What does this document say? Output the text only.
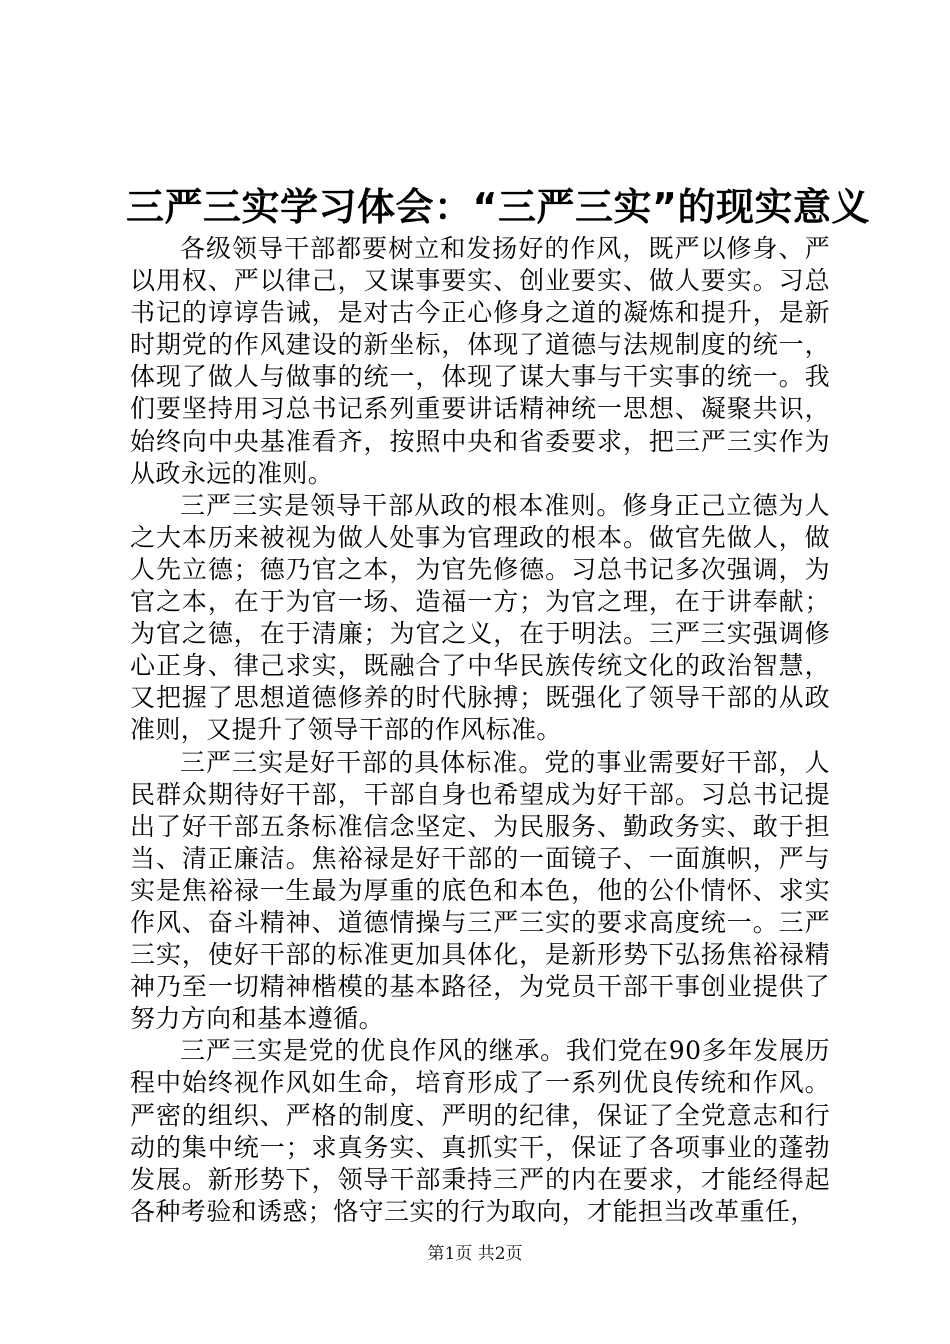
三严三实学习体会：“三严三实”的现实意义

各级领导干部都要树立和发扬好的作风，既严以修身、严以用权、严以律己，又谋事要实、创业要实、做人要实。习总书记的谆谆告诫，是对古今正心修身之道的凝炼和提升，是新时期党的作风建设的新坐标，体现了道德与法规制度的统一，体现了做人与做事的统一，体现了谋大事与干实事的统一。我们要坚持用习总书记系列重要讲话精神统一思想、凝聚共识，始终向中央基准看齐，按照中央和省委要求，把三严三实作为从政永远的准则。

三严三实是领导干部从政的根本准则。修身正己立德为人之大本历来被视为做人处事为官理政的根本。做官先做人，做人先立德；德乃官之本，为官先修德。习总书记多次强调，为官之本，在于为官一场、造福一方；为官之理，在于讲奉献；为官之德，在于清廉；为官之义，在于明法。三严三实强调修心正身、律己求实，既融合了中华民族传统文化的政治智慧，又把握了思想道德修养的时代脉搏；既强化了领导干部的从政准则，又提升了领导干部的作风标准。

三严三实是好干部的具体标准。党的事业需要好干部，人民群众期待好干部，干部自身也希望成为好干部。习总书记提出了好干部五条标准信念坚定、为民服务、勤政务实、敢于担当、清正廉洁。焦裕禄是好干部的一面镜子、一面旗帜，严与实是焦裕禄一生最为厚重的底色和本色，他的公仆情怀、求实作风、奋斗精神、道德情操与三严三实的要求高度统一。三严三实，使好干部的标准更加具体化，是新形势下弘扬焦裕禄精神乃至一切精神楷模的基本路径，为党员干部干事创业提供了努力方向和基本遵循。

三严三实是党的优良作风的继承。我们党在90多年发展历程中始终视作风如生命，培育形成了一系列优良传统和作风。严密的组织、严格的制度、严明的纪律，保证了全党意志和行动的集中统一；求真务实、真抓实干，保证了各项事业的蓬勃发展。新形势下，领导干部秉持三严的内在要求，才能经得起各种考验和诱惑；恪守三实的行为取向，才能担当改革重任，

第1页 共2页
